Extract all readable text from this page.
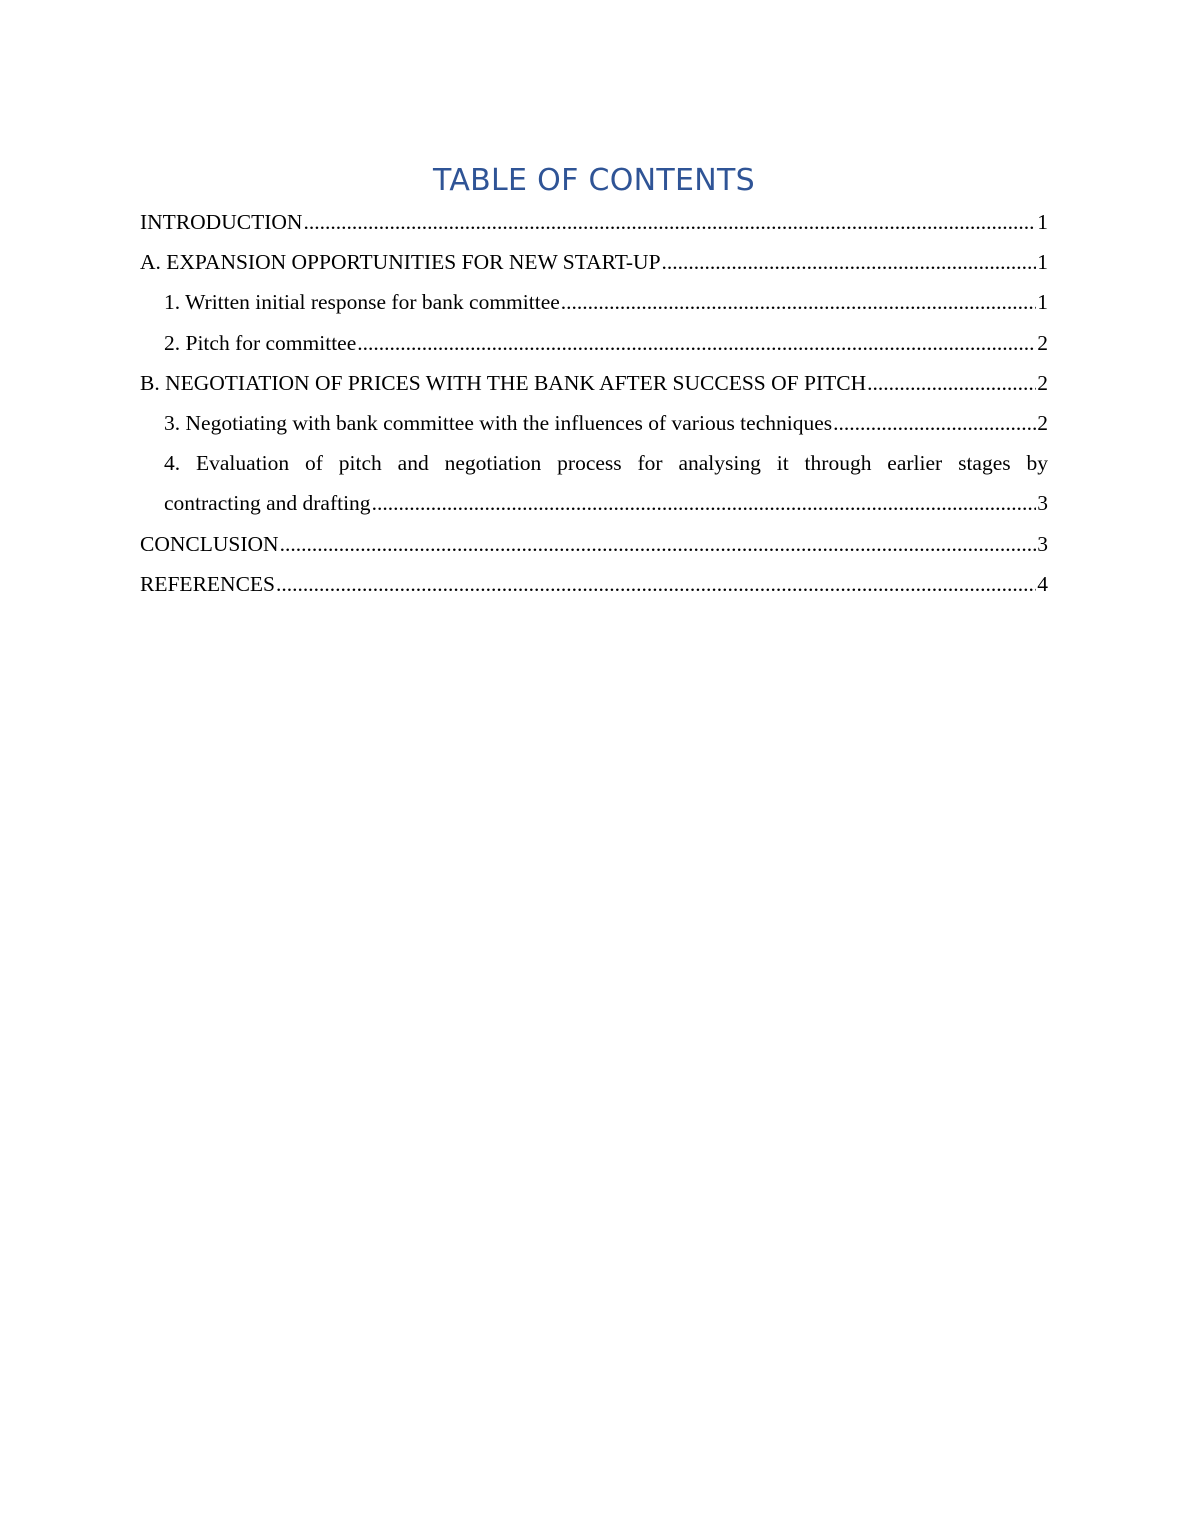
TABLE OF CONTENTS
INTRODUCTION .....	1
A. EXPANSION OPPORTUNITIES FOR NEW START-UP .....	1
1. Written initial response for bank committee .....	1
2. Pitch for committee .....	2
B. NEGOTIATION OF PRICES WITH THE BANK AFTER SUCCESS OF PITCH .....	2
3. Negotiating with bank committee with the influences of various techniques .....	2
4. Evaluation of pitch and negotiation process for analysing it through earlier stages by
contracting and drafting .....	3
CONCLUSION .....	3
REFERENCES .....	4
